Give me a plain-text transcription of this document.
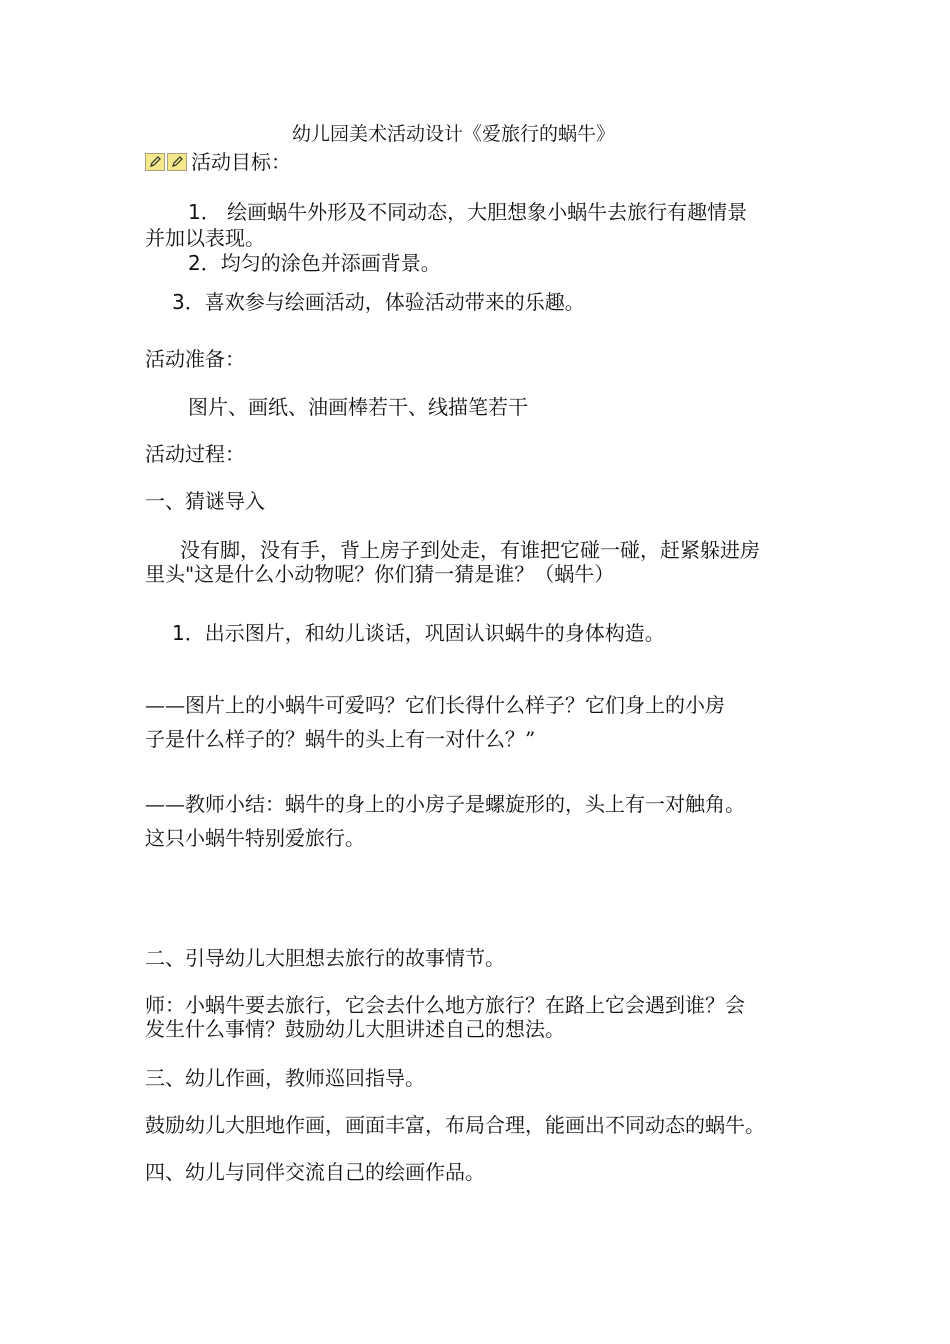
幼儿园美术活动设计《爱旅行的蜗牛》

活动目标：

1． 绘画蜗牛外形及不同动态，大胆想象小蜗牛去旅行有趣情景

并加以表现。

2．均匀的涂色并添画背景。

3．喜欢参与绘画活动，体验活动带来的乐趣。

活动准备：

图片、画纸、油画棒若干、线描笔若干

活动过程：

一、猜谜导入

没有脚，没有手，背上房子到处走，有谁把它碰一碰，赶紧躲进房

里头"这是什么小动物呢？你们猜一猜是谁？（蜗牛）

1．出示图片，和幼儿谈话，巩固认识蜗牛的身体构造。

——图片上的小蜗牛可爱吗？它们长得什么样子？它们身上的小房

子是什么样子的？蜗牛的头上有一对什么？”

——教师小结：蜗牛的身上的小房子是螺旋形的，头上有一对触角。

这只小蜗牛特别爱旅行。

二、引导幼儿大胆想去旅行的故事情节。

师：小蜗牛要去旅行，它会去什么地方旅行？在路上它会遇到谁？会

发生什么事情？鼓励幼儿大胆讲述自己的想法。

三、幼儿作画，教师巡回指导。

鼓励幼儿大胆地作画，画面丰富，布局合理，能画出不同动态的蜗牛。

四、幼儿与同伴交流自己的绘画作品。
